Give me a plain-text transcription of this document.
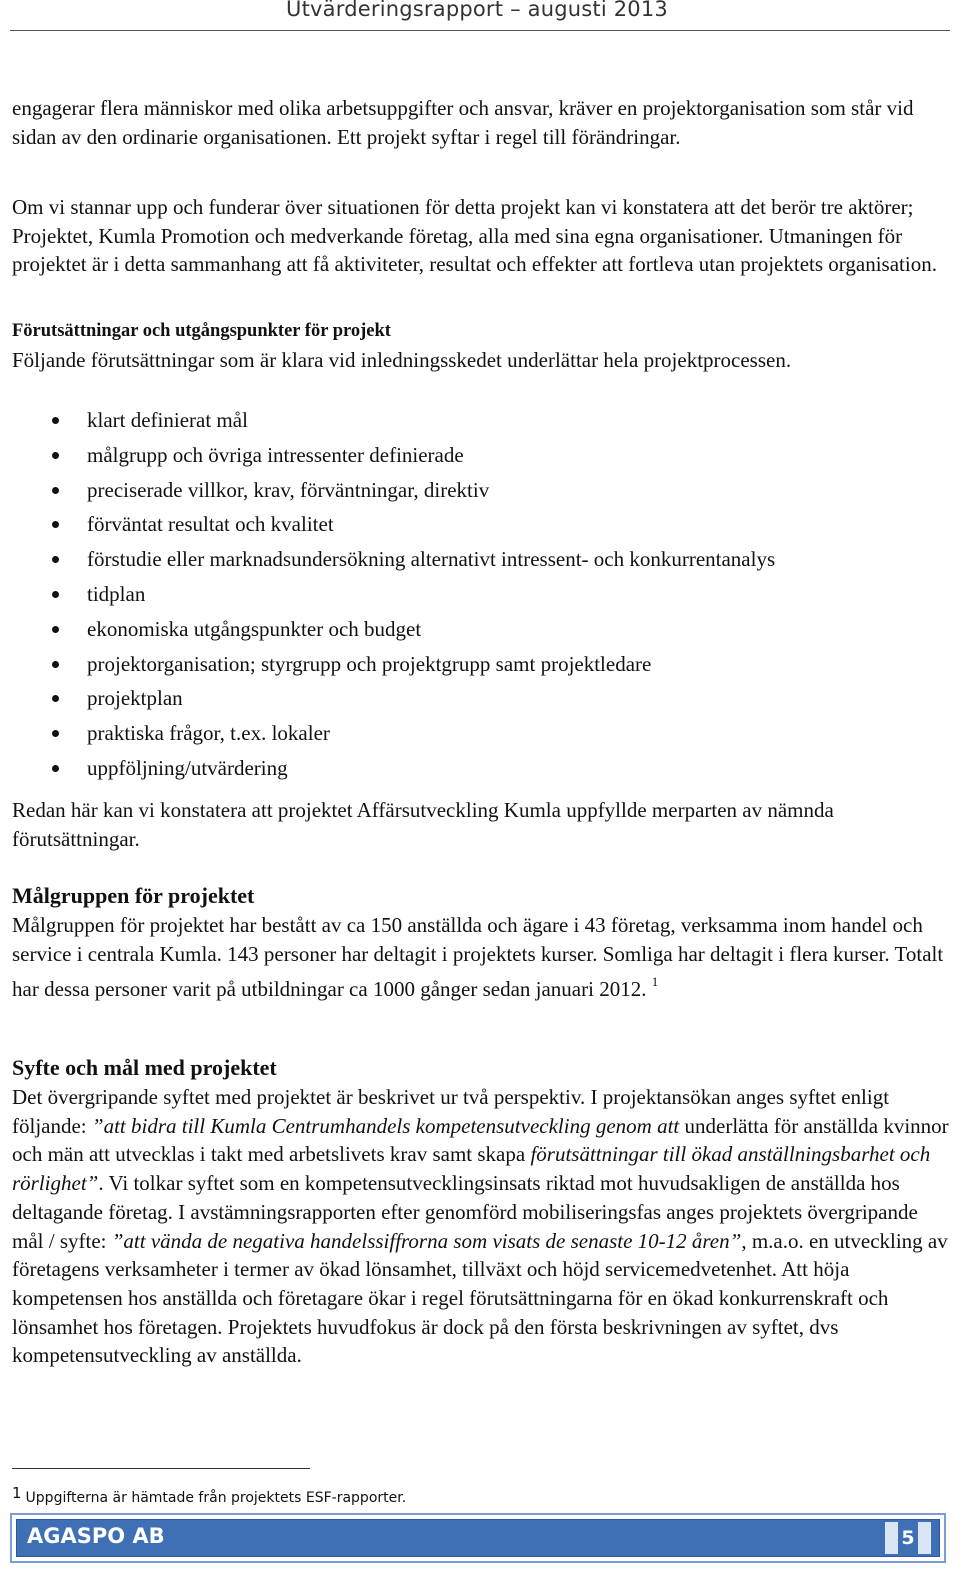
Utvärderingsrapport – augusti 2013
engagerar flera människor med olika arbetsuppgifter och ansvar, kräver en projektorganisation som står vid sidan av den ordinarie organisationen. Ett projekt syftar i regel till förändringar.
Om vi stannar upp och funderar över situationen för detta projekt kan vi konstatera att det berör tre aktörer; Projektet, Kumla Promotion och medverkande företag, alla med sina egna organisationer. Utmaningen för projektet är i detta sammanhang att få aktiviteter, resultat och effekter att fortleva utan projektets organisation.
Förutsättningar och utgångspunkter för projekt
Följande förutsättningar som är klara vid inledningsskedet underlättar hela projektprocessen.
klart definierat mål
målgrupp och övriga intressenter definierade
preciserade villkor, krav, förväntningar, direktiv
förväntat resultat och kvalitet
förstudie eller marknadsundersökning alternativt intressent- och konkurrentanalys
tidplan
ekonomiska utgångspunkter och budget
projektorganisation; styrgrupp och projektgrupp samt projektledare
projektplan
praktiska frågor, t.ex. lokaler
uppföljning/utvärdering
Redan här kan vi konstatera att projektet Affärsutveckling Kumla uppfyllde merparten av nämnda förutsättningar.
Målgruppen för projektet
Målgruppen för projektet har bestått av ca 150 anställda och ägare i 43 företag, verksamma inom handel och service i centrala Kumla. 143 personer har deltagit i projektets kurser. Somliga har deltagit i flera kurser. Totalt har dessa personer varit på utbildningar ca 1000 gånger sedan januari 2012. $^1$
Syfte och mål med projektet
Det övergripande syftet med projektet är beskrivet ur två perspektiv. I projektansökan anges syftet enligt följande: ”att bidra till Kumla Centrumhandels kompetensutveckling genom att underlätta för anställda kvinnor och män att utvecklas i takt med arbetslivets krav samt skapa förutsättningar till ökad anställningsbarhet och rörlighet”. Vi tolkar syftet som en kompetensutvecklingsinsats riktad mot huvudsakligen de anställda hos deltagande företag. I avstämningsrapporten efter genomförd mobiliseringsfas anges projektets övergripande mål / syfte: ”att vända de negativa handelssiffrorna som visats de senaste 10-12 åren”, m.a.o. en utveckling av företagens verksamheter i termer av ökad lönsamhet, tillväxt och höjd servicemedvetenhet. Att höja kompetensen hos anställda och företagare ökar i regel förutsättningarna för en ökad konkurrenskraft och lönsamhet hos företagen. Projektets huvudfokus är dock på den första beskrivningen av syftet, dvs kompetensutveckling av anställda.
1 Uppgifterna är hämtade från projektets ESF-rapporter.
AGASPO AB	5
